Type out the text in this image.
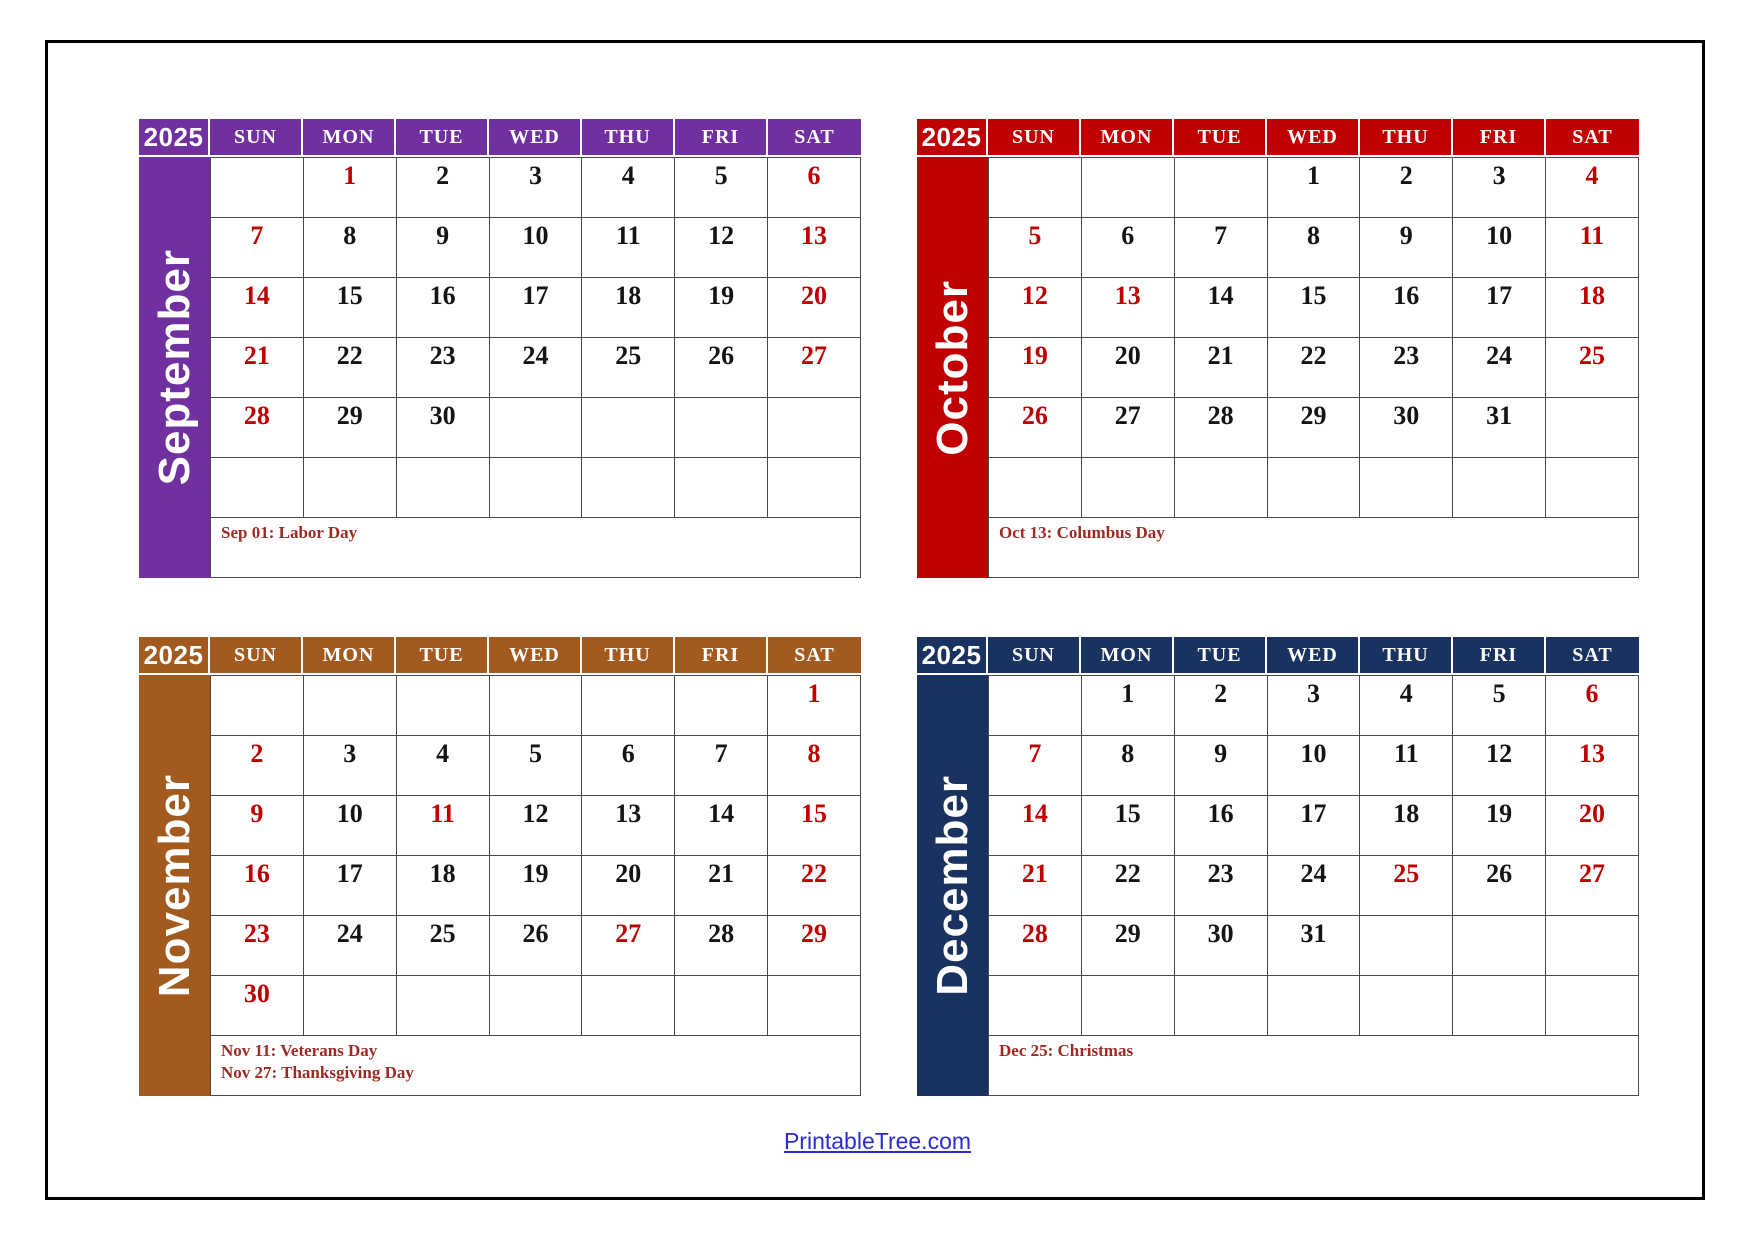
2025	SUN	MON	TUE	WED	THU	FRI	SAT
September
	1	2	3	4	5	6
7	8	9	10	11	12	13
14	15	16	17	18	19	20
21	22	23	24	25	26	27
28	29	30				

Sep 01: Labor Day
2025	SUN	MON	TUE	WED	THU	FRI	SAT
October
			1	2	3	4
5	6	7	8	9	10	11
12	13	14	15	16	17	18
19	20	21	22	23	24	25
26	27	28	29	30	31	

Oct 13: Columbus Day
2025	SUN	MON	TUE	WED	THU	FRI	SAT
November
						1
2	3	4	5	6	7	8
9	10	11	12	13	14	15
16	17	18	19	20	21	22
23	24	25	26	27	28	29
30						
Nov 11: Veterans Day
Nov 27: Thanksgiving Day
2025	SUN	MON	TUE	WED	THU	FRI	SAT
December
	1	2	3	4	5	6
7	8	9	10	11	12	13
14	15	16	17	18	19	20
21	22	23	24	25	26	27
28	29	30	31			

Dec 25: Christmas
PrintableTree.com
